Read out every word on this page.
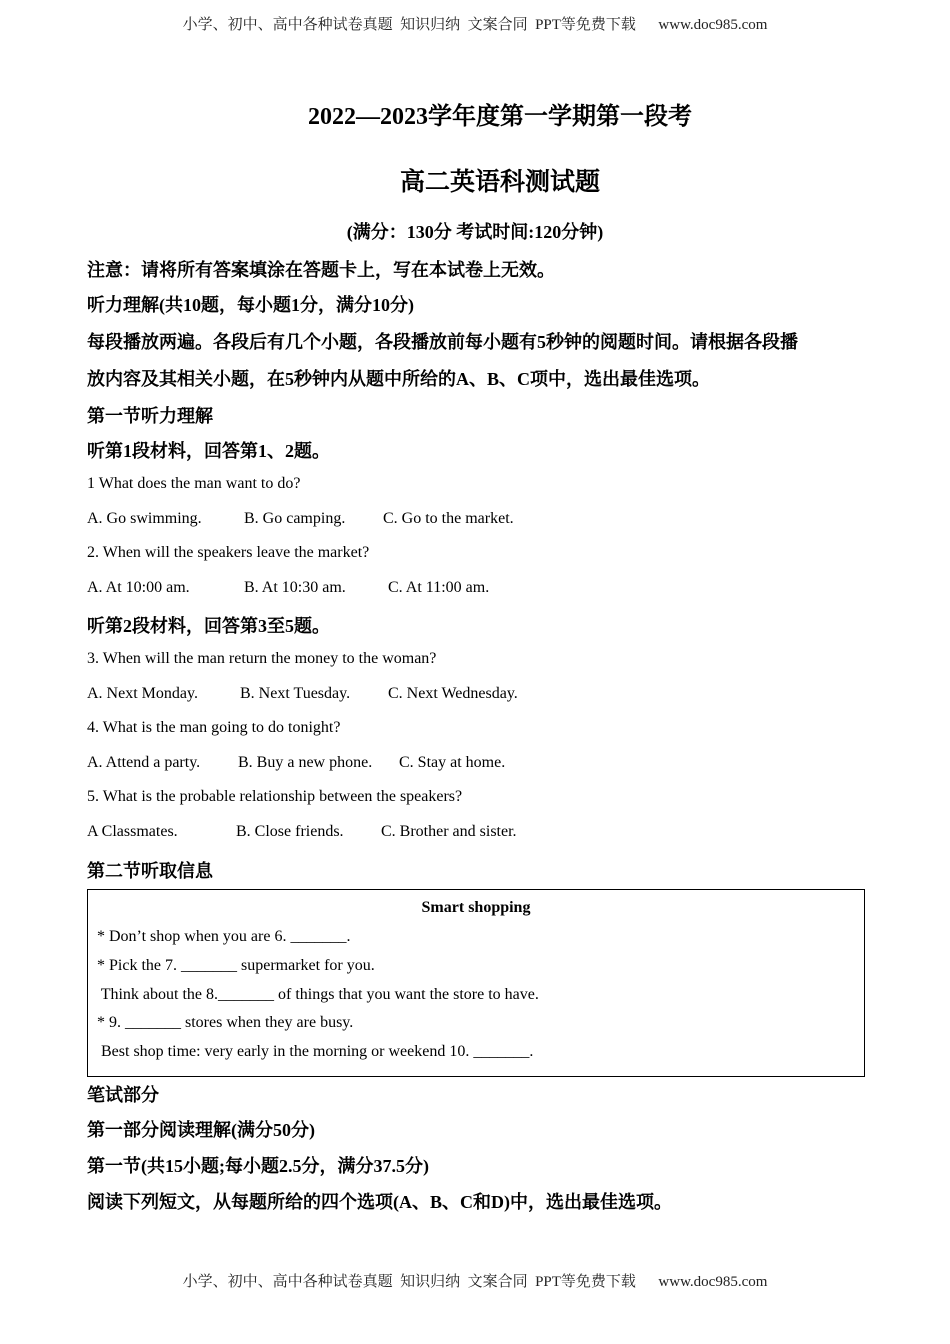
小学、初中、高中各种试卷真题  知识归纳  文案合同  PPT等免费下载      www.doc985.com
2022—2023学年度第一学期第一段考
高二英语科测试题
(满分：130分 考试时间:120分钟)
注意：请将所有答案填涂在答题卡上，写在本试卷上无效。
听力理解(共10题，每小题1分，满分10分)
每段播放两遍。各段后有几个小题，各段播放前每小题有5秒钟的阅题时间。请根据各段播
放内容及其相关小题，在5秒钟内从题中所给的A、B、C项中，选出最佳选项。
第一节听力理解
听第1段材料，回答第1、2题。
1 What does the man want to do?
A. Go swimming.	B. Go camping. C. Go to the market.
2. When will the speakers leave the market?
A. At 10:00 am.	B. At 10:30 am.	C. At 11:00 am.
听第2段材料，回答第3至5题。
3. When will the man return the money to the woman?
A. Next Monday.	B. Next Tuesday. C. Next Wednesday.
4. What is the man going to do tonight?
A. Attend a party. B. Buy a new phone. C. Stay at home.
5. What is the probable relationship between the speakers?
A Classmates.	B. Close friends. C. Brother and sister.
第二节听取信息
Smart shopping
* Don’t shop when you are 6. _______.
* Pick the 7. _______ supermarket for you.
Think about the 8._______ of things that you want the store to have.
* 9. _______ stores when they are busy.
Best shop time: very early in the morning or weekend 10. _______.
笔试部分
第一部分阅读理解(满分50分)
第一节(共15小题;每小题2.5分，满分37.5分)
阅读下列短文，从每题所给的四个选项(A、B、C和D)中，选出最佳选项。
小学、初中、高中各种试卷真题  知识归纳  文案合同  PPT等免费下载      www.doc985.com
